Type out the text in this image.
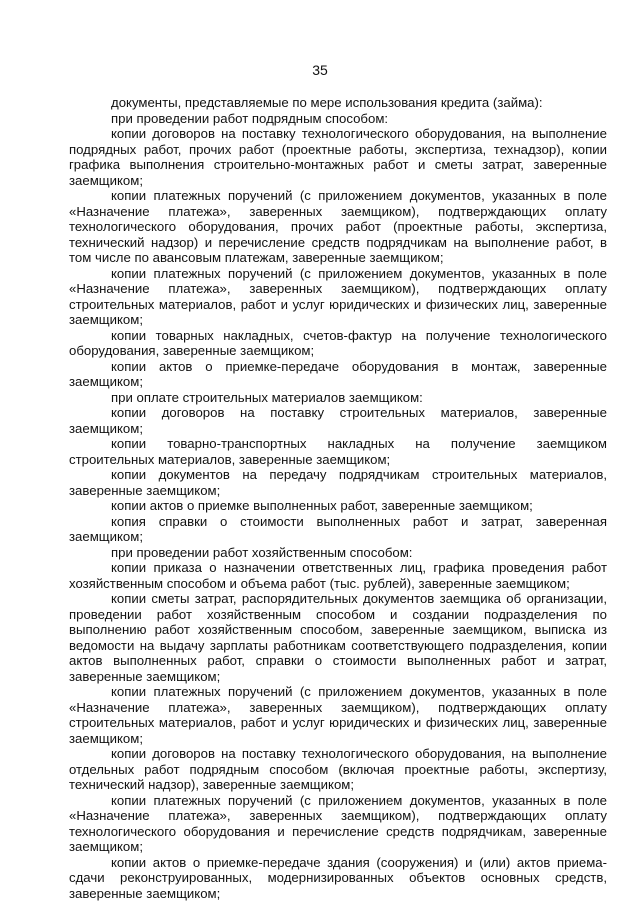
35

документы, представляемые по мере использования кредита (займа):

при проведении работ подрядным способом:

копии договоров на поставку технологического оборудования, на выполнение подрядных работ, прочих работ (проектные работы, экспертиза, технадзор), копии графика выполнения строительно-монтажных работ и сметы затрат, заверенные заемщиком;

копии платежных поручений (с приложением документов, указанных в поле «Назначение платежа», заверенных заемщиком), подтверждающих оплату технологического оборудования, прочих работ (проектные работы, экспертиза, технический надзор) и перечисление средств подрядчикам на выполнение работ, в том числе по авансовым платежам, заверенные заемщиком;

копии платежных поручений (с приложением документов, указанных в поле «Назначение платежа», заверенных заемщиком), подтверждающих оплату строительных материалов, работ и услуг юридических и физических лиц, заверенные заемщиком;

копии товарных накладных, счетов-фактур на получение технологического оборудования, заверенные заемщиком;

копии актов о приемке-передаче оборудования в монтаж, заверенные заемщиком;

при оплате строительных материалов заемщиком:

копии договоров на поставку строительных материалов, заверенные заемщиком;

копии товарно-транспортных накладных на получение заемщиком строительных материалов, заверенные заемщиком;

копии документов на передачу подрядчикам строительных материалов, заверенные заемщиком;

копии актов о приемке выполненных работ, заверенные заемщиком;

копия справки о стоимости выполненных работ и затрат, заверенная заемщиком;

при проведении работ хозяйственным способом:

копии приказа о назначении ответственных лиц, графика проведения работ хозяйственным способом и объема работ (тыс. рублей), заверенные заемщиком;

копии сметы затрат, распорядительных документов заемщика об организации, проведении работ хозяйственным способом и создании подразделения по выполнению работ хозяйственным способом, заверенные заемщиком, выписка из ведомости на выдачу зарплаты работникам соответствующего подразделения, копии актов выполненных работ, справки о стоимости выполненных работ и затрат, заверенные заемщиком;

копии платежных поручений (с приложением документов, указанных в поле «Назначение платежа», заверенных заемщиком), подтверждающих оплату строительных материалов, работ и услуг юридических и физических лиц, заверенные заемщиком;

копии договоров на поставку технологического оборудования, на выполнение отдельных работ подрядным способом (включая проектные работы, экспертизу, технический надзор), заверенные заемщиком;

копии платежных поручений (с приложением документов, указанных в поле «Назначение платежа», заверенных заемщиком), подтверждающих оплату технологического оборудования и перечисление средств подрядчикам, заверенные заемщиком;

копии актов о приемке-передаче здания (сооружения) и (или) актов приема-сдачи реконструированных, модернизированных объектов основных средств, заверенные заемщиком;
